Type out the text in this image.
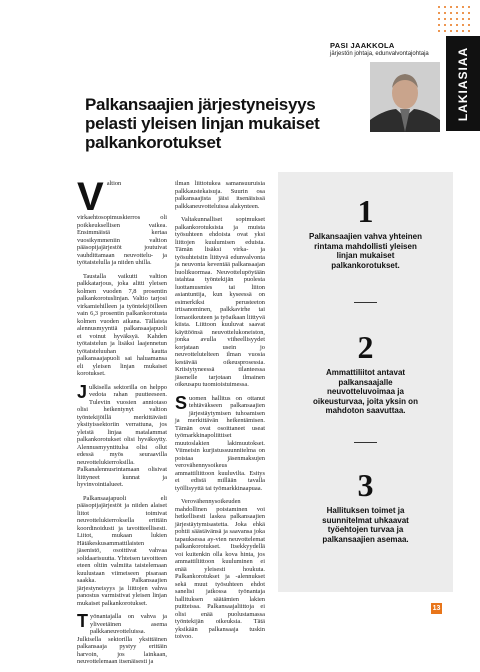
PASI JAAKKOLA
järjestön johtaja, edunvalvontajohtaja LAKIASIAA
Palkansaajien järjestyneisyys pelasti yleisen linjan mukaiset palkankorotukset

Valtion virkaehtosopimuskierros oli poikkeuksellisen vaikea. Ensimmäistä kertaa vuosikymmeniin valtion pääsopijajärjestöt joutuivat vauhdittamaan neuvottelu- ja työtaistelulla ja niiden uhilla.

Taustalla vaikutti valtion palkkatarjous, joka alitti yleisen kolmen vuoden 7,8 prosentin palkankorotuslinjan. Valtio tarjosi virkamiehilleen ja työntekijöilleen vain 6,3 prosentin palkankorotusta kolmen vuoden aikana. Tällaista alennusmyyntiä palkansaajapuoli ei voinut hyväksyä. Kahden työtaistelun ja lisäksi laajennetun työtaisteluuhan kautta palkansaajapuoli sai haluamansa eli yleisen linjan mukaiset korotukset.

Julkisella sektorilla on helppo vedota rahan puutteeseen. Tuleviin vuosien anniotaso olisi heikentynyt valtion työntekijöillä merkittävästi yksityissektoriin verrattuna, jos yleistä linjaa matalammat palkankorotukset olisi hyväksytty. Alennusmyyntitulsa olisi ollut edessä myös seuraavilla neuvottelukierroksilla. Palkanalennusrintamaan olisivat liittyneet kunnat ja hyvinvointialueet.

Palkansaajapuoli eli pääsopijajärjestöt ja niiden alaiset liitot toimivat neuvottelukierroksella erittäin koordinoidusti ja tavoitteellisesti. Liitot, mukaan lukien Hätäkeskusammattilaisten jäsenistö, osoittivat vahvaa solidaarisuutta. Yhteisen tavoitteen eteen oltiin valmiita taistelemaan kuulustaan viimeiseen pisaraan saakka. Palkansaajien järjestyneisyys ja liittojen vahva panostus varmistivat yleisen linjan mukaiset palkankorotukset.

Työnantajalla on vahva ja yliveetäinen asema palkkaneuvotteluissa. Julkisella sektorilla yksittäinen palkansaaja pystyy erittäin harvoin, jos lainkaan, neuvottelemaan itsenäisesti ja

ilman liittotukea samansuuruisia palkkaustekaisuja. Suurin osa palkansaajista jäisi itsenäisissä palkkaneuvotteluissa alakynteen.

Valtakunnalliset sopimukset palkankorotuksista ja muista työsuhteen ehdoista ovat yksi liittojen kuulumisen eduista. Tämän lisäksi virka- ja työsuhteisiin liittyvä edunvalvonta ja neuvonta keventää palkansaajan huolikuormaa. Neuvottelupöytään istahtaa työntekijän puolesta luottamusmies tai liiton asiantuntija, kun kyseessä on esimerkiksi perusteeton irtisanominen, palkkavirhe tai lomaoikeuteen ja työaikaan liittyvä kiista. Liittoon kuuluvat saavat käyttöönsä neuvottelukoneiston, jonka avulla viiheellisyydet korjataan usein jo neuvottelutelteen ilman vuosia kestävää oikeusprosessia. Kriisiytyneessä tilanteessa jäsenelle tarjotaan ilmainen oikeusapu tuomioistuimessa.

Suomen hallitus on ottanut tehtäväkseen palkansaajien järjestäytymisen tuhoamisen ja merkittävän heikentämisen. Tämän ovat osoittaneet useat työmarkkinapoliittiset muutoslakien lakimuutokset. Viimeisin kurjistussuunnitelma on poistaa jäsenmaksujen verovähennysoikeus ammattiliittoon kuuluvilta. Esitys ei edistä millään tavalla työllisyyttä tai työmarkkinaapuaa.

Verovähennysoikeuden mahdollinen poistaminen voi hetkellisesti laskea palkansaajien järjestäytymisastetta. Joka ehkä pohtii säästävänsä ja saavansa joka tapauksessa ay-vien neuvottelemat palkankorotukset. Itsekkyydellä voi kuitenkin olla kova hinta, jos ammattiliittoon kuuluminen ei enää yleisesti houkuta. Palkankorotukset ja -alennukset sekä muut työsuhteen ehdot sanelisi jatkossa työnantaja hallituksen säätämien lakien puitteissa. Palkansaajaliittoja ei olisi enää puolustamassa työntekijän oikeuksia. Tätä yksikään palkansaaja tuskin toivoo.

1
Palkansaajien vahva yhteinen rintama mahdollisti yleisen linjan mukaiset palkankorotukset.
2
Ammattiliitot antavat palkansaajalle neuvotteluvoimaa ja oikeusturvaa, joita yksin on mahdoton saavuttaa.
3
Hallituksen toimet ja suunnitelmat uhkaavat työehtojen turvaa ja palkansaajien asemaa.
13
